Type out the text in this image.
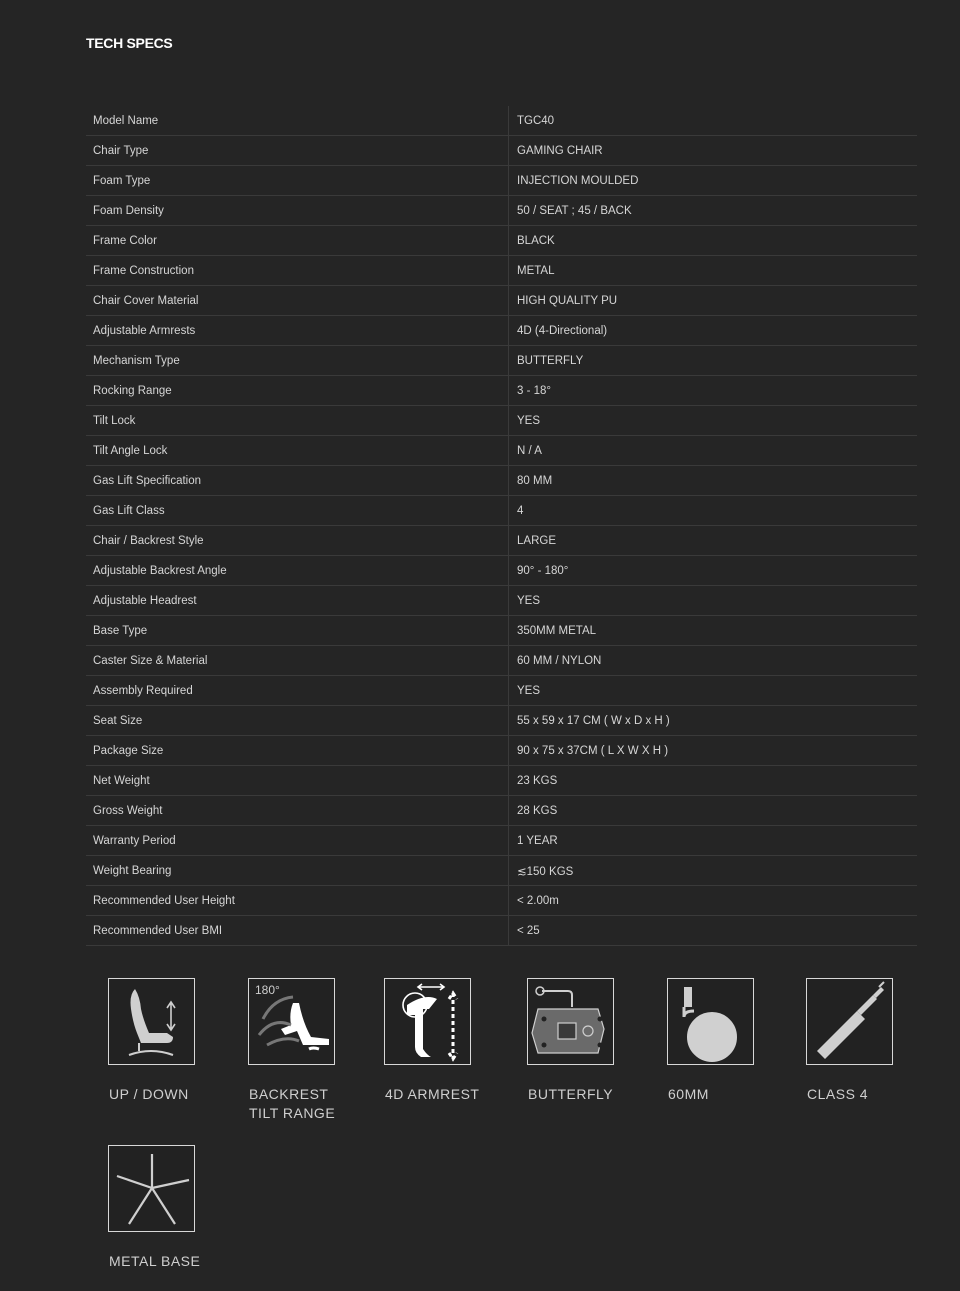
TECH SPECS
Model Name	TGC40
Chair Type	GAMING CHAIR
Foam Type	INJECTION MOULDED
Foam Density	50 / SEAT ; 45 / BACK
Frame Color	BLACK
Frame Construction	METAL
Chair Cover Material	HIGH QUALITY PU
Adjustable Armrests	4D (4-Directional)
Mechanism Type	BUTTERFLY
Rocking Range	3 - 18°
Tilt Lock	YES
Tilt Angle Lock	N / A
Gas Lift Specification	80 MM
Gas Lift Class	4
Chair / Backrest Style	LARGE
Adjustable Backrest Angle	90° - 180°
Adjustable Headrest	YES
Base Type	350MM METAL
Caster Size & Material	60 MM / NYLON
Assembly Required	YES
Seat Size	55 x 59 x 17 CM ( W x D x H )
Package Size	90 x 75 x 37CM ( L X W X H )
Net Weight	23 KGS
Gross Weight	28 KGS
Warranty Period	1 YEAR
Weight Bearing	≲150 KGS
Recommended User Height	< 2.00m
Recommended User BMI	< 25
UP / DOWN
180°
BACKREST
TILT RANGE
4D ARMREST	BUTTERFLY	60MM	CLASS 4
METAL BASE
